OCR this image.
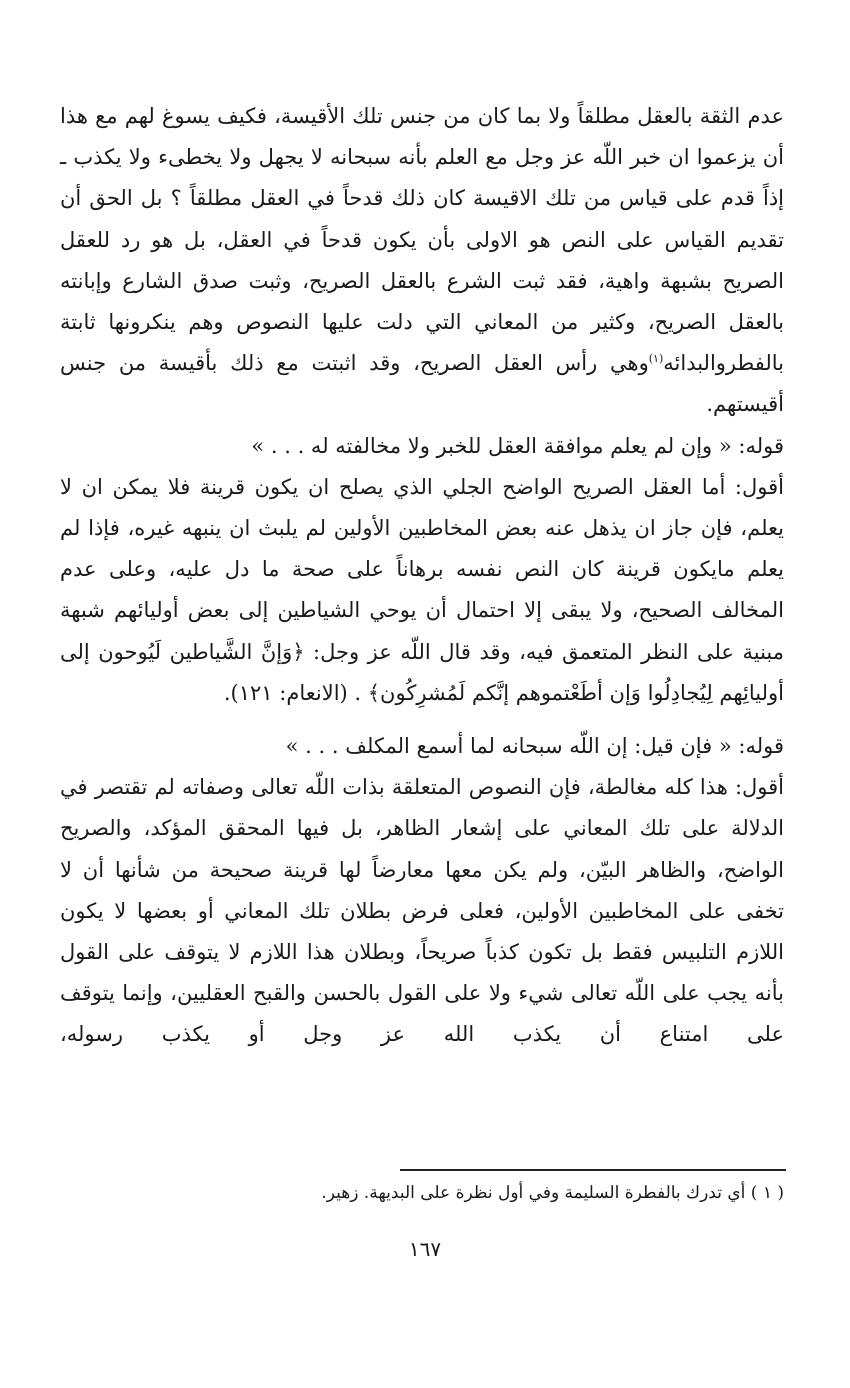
عدم الثقة بالعقل مطلقاً ولا بما كان من جنس تلك الأقيسة، فكيف يسوغ لهم مع هذا أن يزعموا ان خبر اللّه عز وجل مع العلم بأنه سبحانه لا يجهل ولا يخطىء ولا يكذب ـ إذاً قدم على قياس من تلك الاقيسة كان ذلك قدحاً في العقل مطلقاً ؟ بل الحق أن تقديم القياس على النص هو الاولى بأن يكون قدحاً في العقل، بل هو رد للعقل الصريح بشبهة واهية، فقد ثبت الشرع بالعقل الصريح، وثبت صدق الشارع وإبانته بالعقل الصريح، وكثير من المعاني التي دلت عليها النصوص وهم ينكرونها ثابتة بالفطروالبدائه$^{(١)}$وهي رأس العقل الصريح، وقد اثبتت مع ذلك بأقيسة من جنس أقيستهم.

قوله: « وإن لم يعلم موافقة العقل للخبر ولا مخالفته له . . . »

أقول: أما العقل الصريح الواضح الجلي الذي يصلح ان يكون قرينة فلا يمكن ان لا يعلم، فإن جاز ان يذهل عنه بعض المخاطبين الأولين لم يلبث ان ينبهه غيره، فإذا لم يعلم مايكون قرينة كان النص نفسه برهاناً على صحة ما دل عليه، وعلى عدم المخالف الصحيح، ولا يبقى إلا احتمال أن يوحي الشياطين إلى بعض أوليائهم شبهة مبنية على النظر المتعمق فيه، وقد قال اللّه عز وجل: ﴿وَإنَّ الشَّياطين لَيُوحون إلى أوليائِهم لِيُجادِلُوا وَإن أطَعْتموهم إنَّكم لَمُشرِكُون﴾ . (الانعام: ١٢١).

قوله: « فإن قيل: إن اللّه سبحانه لما أسمع المكلف . . . »

أقول: هذا كله مغالطة، فإن النصوص المتعلقة بذات اللّه تعالى وصفاته لم تقتصر في الدلالة على تلك المعاني على إشعار الظاهر، بل فيها المحقق المؤكد، والصريح الواضح، والظاهر البيّن، ولم يكن معها معارضاً لها قرينة صحيحة من شأنها أن لا تخفى على المخاطبين الأولين، فعلى فرض بطلان تلك المعاني أو بعضها لا يكون اللازم التلبيس فقط بل تكون كذباً صريحاً، وبطلان هذا اللازم لا يتوقف على القول بأنه يجب على اللّه تعالى شيء ولا على القول بالحسن والقبح العقليين، وإنما يتوقف على امتناع أن يكذب الله عز وجل أو يكذب رسوله،

( ١ ) أي تدرك بالفطرة السليمة وفي أول نظرة على البديهة. زهير.
١٦٧
